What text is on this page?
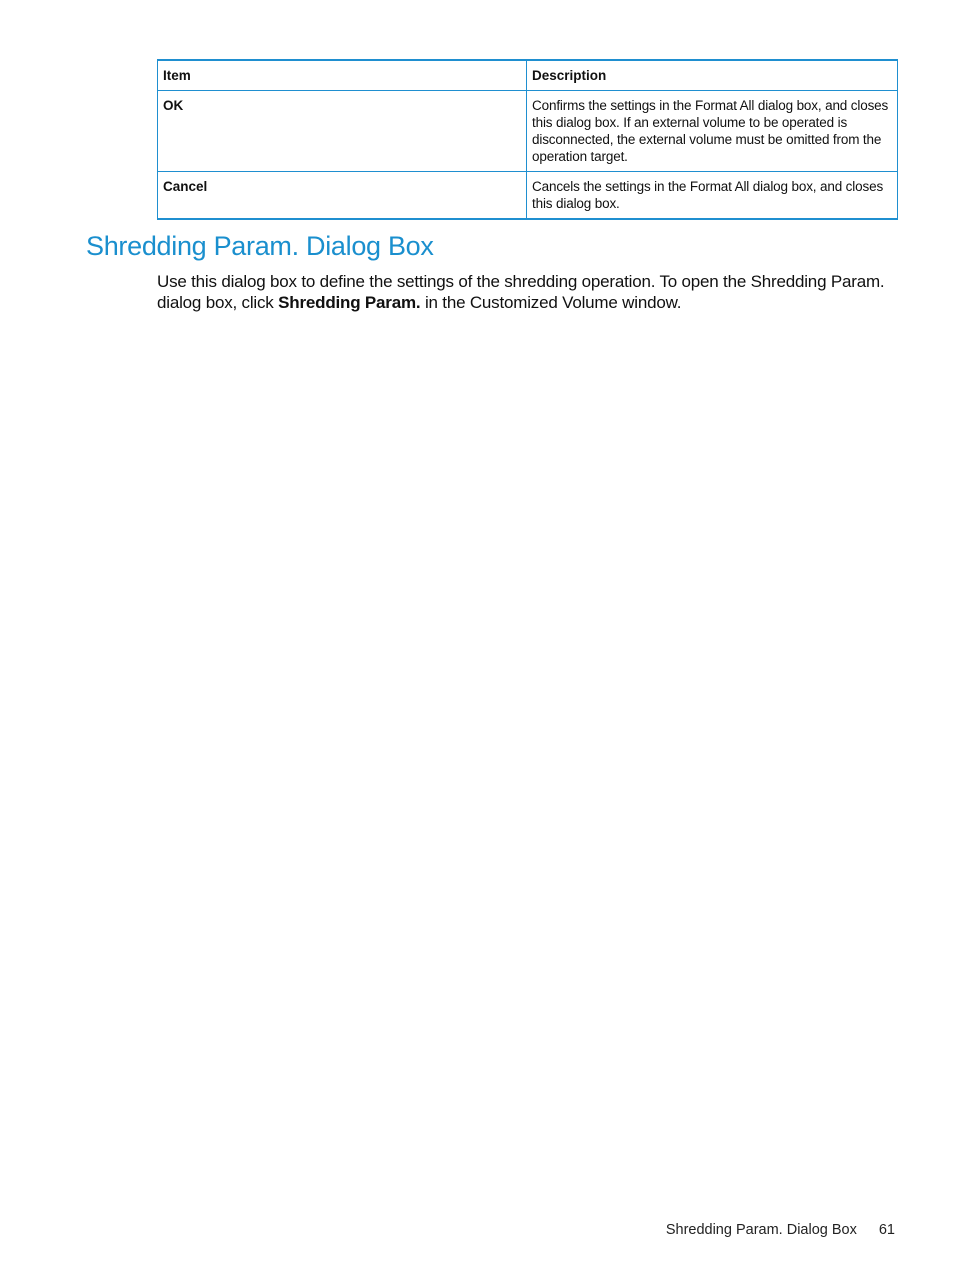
Item	Description
OK	Confirms the settings in the Format All dialog box, and closes this dialog box. If an external volume to be operated is disconnected, the external volume must be omitted from the operation target.
Cancel	Cancels the settings in the Format All dialog box, and closes this dialog box.
Shredding Param. Dialog Box

Use this dialog box to define the settings of the shredding operation. To open the Shredding Param. dialog box, click Shredding Param. in the Customized Volume window.

Shredding Param. Dialog Box 61
